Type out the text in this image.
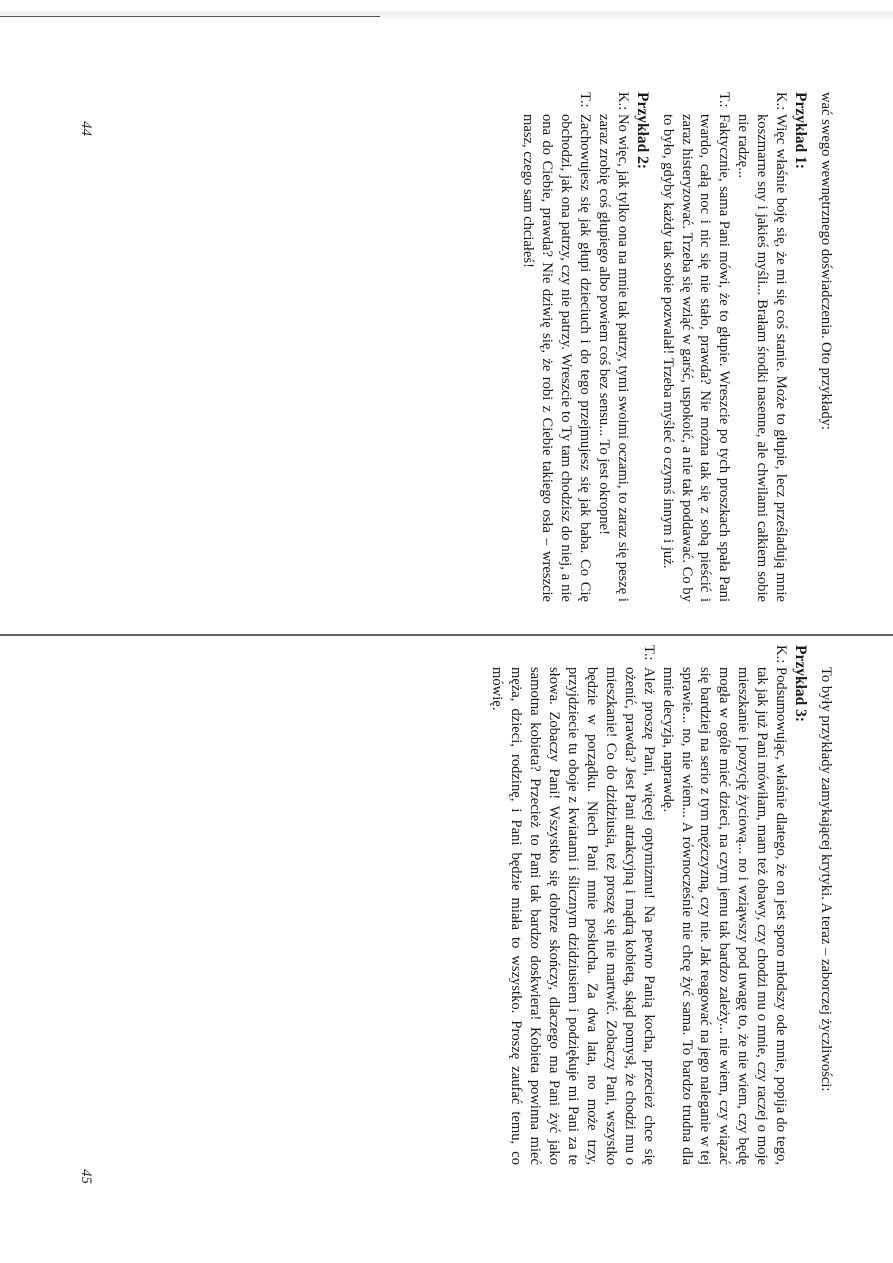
wać swego wewnętrznego doświadczenia. Oto przykłady:

Przykład 1:
K.:
Więc właśnie boję się, że mi się coś stanie. Może to głupie, lecz prześladują mnie koszmarne sny i jakieś myśli... Brałam środki nasenne, ale chwilami całkiem sobie nie radzę...
T.:
Faktycznie, sama Pani mówi, że to głupie. Wreszcie po tych proszkach spała Pani twardo, całą noc i nic się nie stało, prawda? Nie można tak się z sobą pieścić i zaraz histeryzować. Trzeba się wziąć w garść, uspokoić, a nie tak poddawać. Co by to było, gdyby każdy tak sobie pozwalał! Trzeba myśleć o czymś innym i już.
Przykład 2:
K.:
No więc, jak tylko ona na mnie tak patrzy, tymi swoimi oczami, to zaraz się peszę i zaraz zrobię coś głupiego albo powiem coś bez sensu... To jest okropne!
T.:
Zachowujesz się jak głupi dzieciuch i do tego przejmujesz się jak baba. Co Cię obchodzi, jak ona patrzy, czy nie patrzy. Wreszcie to Ty tam chodzisz do niej, a nie ona do Ciebie, prawda? Nie dziwię się, że robi z Ciebie takiego osła – wreszcie masz, czego sam chciałeś!
44

To były przykłady zamykającej krytyki. A teraz – zaborczej życzliwości:

Przykład 3:
K.:
Podsumowując, właśnie dlatego, że on jest sporo młodszy ode mnie, popija do tego, tak jak już Pani mówiłam, mam też obawy, czy chodzi mu o mnie, czy raczej o moje mieszkanie i pozycję życiową... no i wziąwszy pod uwagę to, że nie wiem, czy będę mogła w ogóle mieć dzieci, na czym jemu tak bardzo zależy... nie wiem, czy wiązać się bardziej na serio z tym mężczyzną, czy nie. Jak reagować na jego naleganie w tej sprawie... no, nie wiem... A równocześnie nie chcę żyć sama. To bardzo trudna dla mnie decyzja, naprawdę.
T.:
Ależ proszę Pani, więcej optymizmu! Na pewno Panią kocha, przecież chce się ożenić, prawda? Jest Pani atrakcyjną i mądrą kobietą, skąd pomysł, że chodzi mu o mieszkanie! Co do dzidziusia, też proszę się nie martwić. Zobaczy Pani, wszystko będzie w porządku. Niech Pani mnie posłucha. Za dwa lata, no może trzy, przyjdziecie tu oboje z kwiatami i ślicznym dzidziusiem i podziękuje mi Pani za te słowa. Zobaczy Pani! Wszystko się dobrze skończy, dlaczego ma Pani żyć jako samotna kobieta? Przecież to Pani tak bardzo doskwiera! Kobieta powinna mieć męża, dzieci, rodzinę, i Pani będzie miała to wszystko. Proszę zaufać temu, co mówię.
45
